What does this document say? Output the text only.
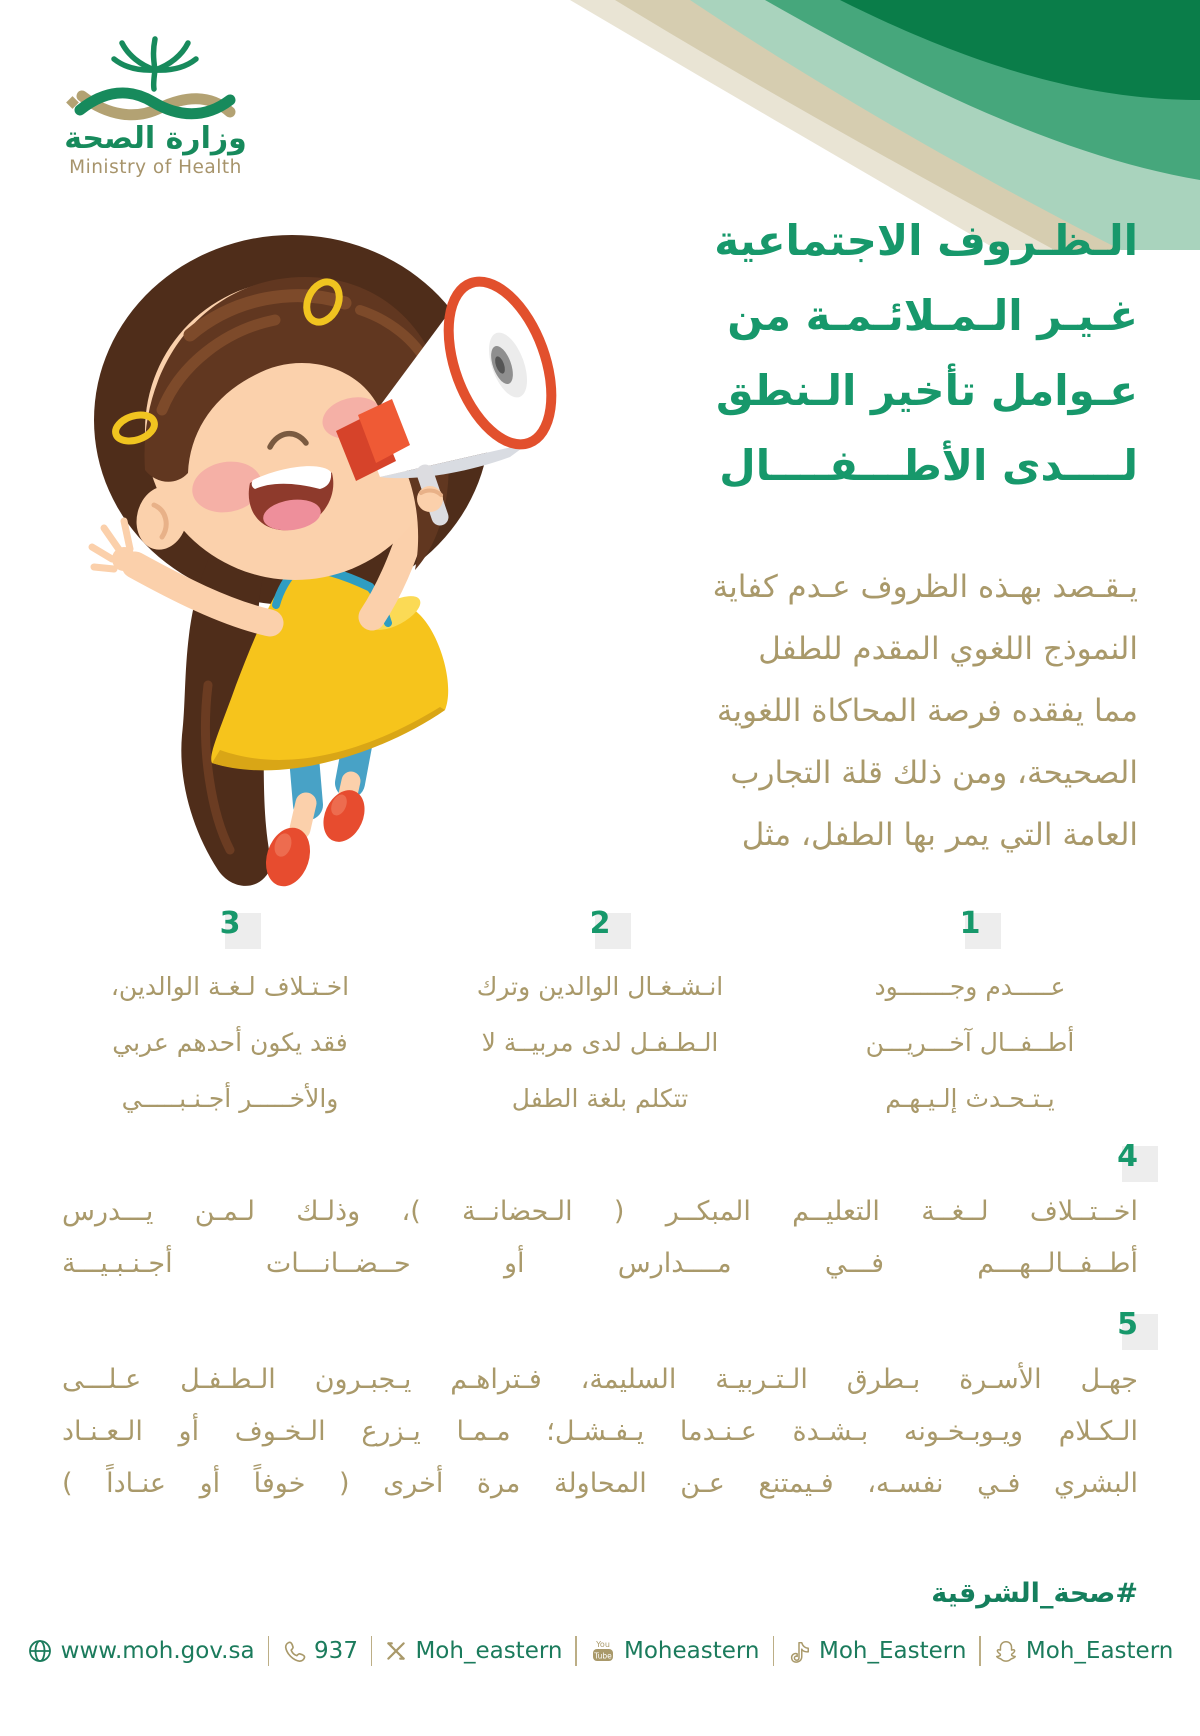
وزارة الصحة
Ministry of Health
الـظـروف الاجتماعية
غـيـر الـمـلائـمـة من
عـوامل تأخير الـنطق
لــــدى الأطـــفــــال
يـقـصد بهـذه الظروف عـدم كفاية
النموذج اللغوي المقدم للطفل
مما يفقده فرصة المحاكاة اللغوية
الصحيحة، ومن ذلك قلة التجارب
العامة التي يمر بها الطفل، مثل
1
عـــــدم وجـــــــود
أطــفــال آخـــريـــن
يـتـحـدث إلـيـهـم
2
انـشـغـال الوالدين وترك
الـطـفـل لدى مربيــة لا
تتكلم بلغة الطفل
3
اخـتـلاف لـغـة الوالدين،
فقد يكون أحدهم عربي
والأخـــــر أجـنـبـــــي
4
اخــتــلاف لــغــة التعليــم المبكــر ( الـحضانــة )، وذلـك لـمـن يـــدرس
أطــفــالــهـــم فـــي مــــدارس أو حــضــانـــات أجـنـبـيـــة
5
جهـل الأسـرة بـطرق الـتـربيـة السليمة، فـتراهـم يـجبـرون الـطـفـل عـلـــى
الـكـلام ويـوبـخـونه بـشـدة عـنـدما يـفـشـل؛ مـمـا يـزرع الـخـوف أو الـعـنـاد
البشري فـي نفسـه، فـيمتنع عـن المحاولة مرة أخرى ( خوفاً أو عنـاداً )
#صحة_الشرقية
www.moh.gov.sa	937	Moh_eastern	You
Tube Moheastern	Moh_Eastern	Moh_Eastern
